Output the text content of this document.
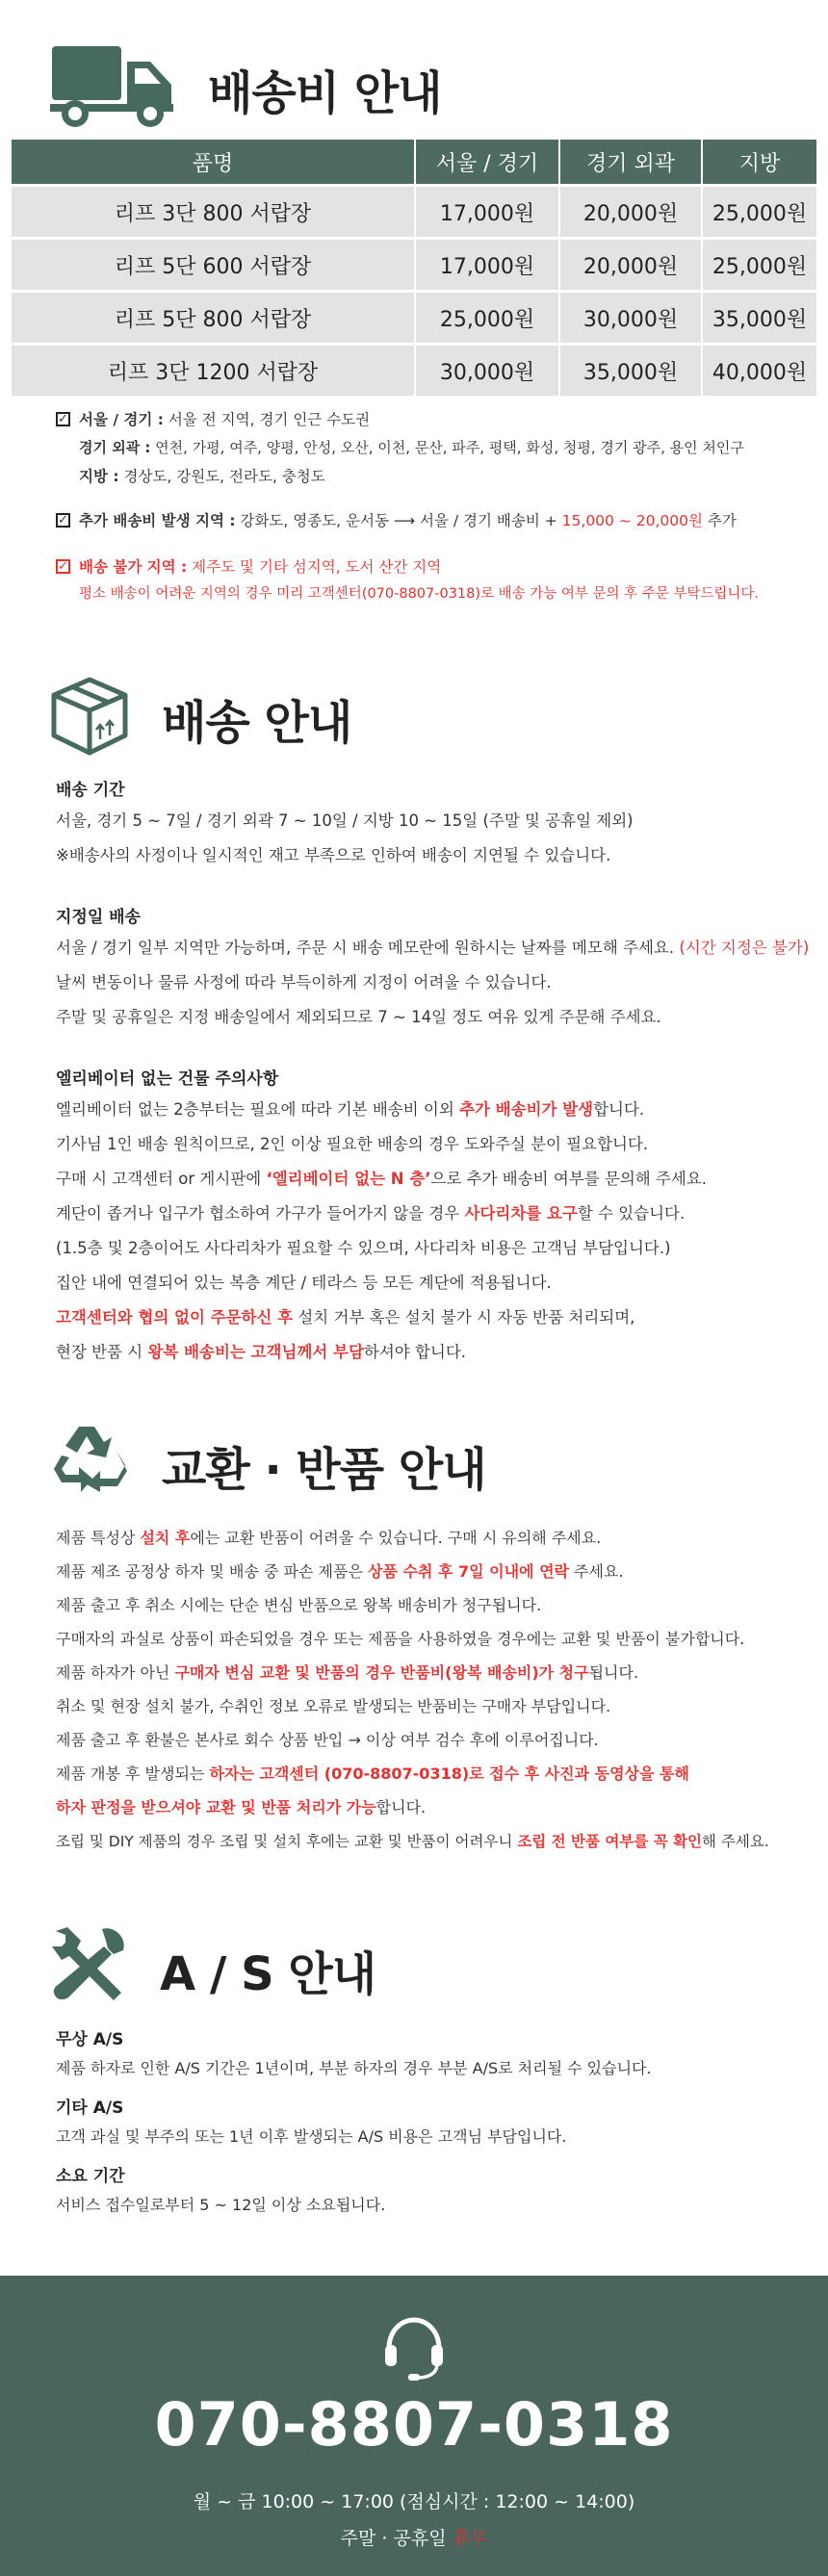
배송비 안내
품명	서울 / 경기	경기 외곽	지방
리프 3단 800 서랍장	17,000원	20,000원	25,000원
리프 5단 600 서랍장	17,000원	20,000원	25,000원
리프 5단 800 서랍장	25,000원	30,000원	35,000원
리프 3단 1200 서랍장	30,000원	35,000원	40,000원
✓ 서울 / 경기 : 서울 전 지역, 경기 인근 수도권
경기 외곽 : 연천, 가평, 여주, 양평, 안성, 오산, 이천, 문산, 파주, 평택, 화성, 청평, 경기 광주, 용인 처인구
지방 : 경상도, 강원도, 전라도, 충청도
✓ 추가 배송비 발생 지역 : 강화도, 영종도, 운서동 ⟶ 서울 / 경기 배송비 + 15,000 ~ 20,000원 추가
✓ 배송 불가 지역 : 제주도 및 기타 섬지역, 도서 산간 지역
평소 배송이 어려운 지역의 경우 미리 고객센터(070-8807-0318)로 배송 가능 여부 문의 후 주문 부탁드립니다.
배송 안내
배송 기간

서울, 경기 5 ~ 7일 / 경기 외곽 7 ~ 10일 / 지방 10 ~ 15일 (주말 및 공휴일 제외)

※배송사의 사정이나 일시적인 재고 부족으로 인하여 배송이 지연될 수 있습니다.

지정일 배송

서울 / 경기 일부 지역만 가능하며, 주문 시 배송 메모란에 원하시는 날짜를 메모해 주세요. (시간 지정은 불가)

날씨 변동이나 물류 사정에 따라 부득이하게 지정이 어려울 수 있습니다.

주말 및 공휴일은 지정 배송일에서 제외되므로 7 ~ 14일 정도 여유 있게 주문해 주세요.

엘리베이터 없는 건물 주의사항

엘리베이터 없는 2층부터는 필요에 따라 기본 배송비 이외 추가 배송비가 발생합니다.

기사님 1인 배송 원칙이므로, 2인 이상 필요한 배송의 경우 도와주실 분이 필요합니다.

구매 시 고객센터 or 게시판에 ‘엘리베이터 없는 N 층’으로 추가 배송비 여부를 문의해 주세요.

계단이 좁거나 입구가 협소하여 가구가 들어가지 않을 경우 사다리차를 요구할 수 있습니다.

(1.5층 및 2층이어도 사다리차가 필요할 수 있으며, 사다리차 비용은 고객님 부담입니다.)

집안 내에 연결되어 있는 복층 계단 / 테라스 등 모든 계단에 적용됩니다.

고객센터와 협의 없이 주문하신 후 설치 거부 혹은 설치 불가 시 자동 반품 처리되며,

현장 반품 시 왕복 배송비는 고객님께서 부담하셔야 합니다.

교환 · 반품 안내

제품 특성상 설치 후에는 교환 반품이 어려울 수 있습니다. 구매 시 유의해 주세요.

제품 제조 공정상 하자 및 배송 중 파손 제품은 상품 수취 후 7일 이내에 연락 주세요.

제품 출고 후 취소 시에는 단순 변심 반품으로 왕복 배송비가 청구됩니다.

구매자의 과실로 상품이 파손되었을 경우 또는 제품을 사용하였을 경우에는 교환 및 반품이 불가합니다.

제품 하자가 아닌 구매자 변심 교환 및 반품의 경우 반품비(왕복 배송비)가 청구됩니다.

취소 및 현장 설치 불가, 수취인 정보 오류로 발생되는 반품비는 구매자 부담입니다.

제품 출고 후 환불은 본사로 회수 상품 반입 → 이상 여부 검수 후에 이루어집니다.

제품 개봉 후 발생되는 하자는 고객센터 (070-8807-0318)로 접수 후 사진과 동영상을 통해

하자 판정을 받으셔야 교환 및 반품 처리가 가능합니다.

조립 및 DIY 제품의 경우 조립 및 설치 후에는 교환 및 반품이 어려우니 조립 전 반품 여부를 꼭 확인해 주세요.

A / S 안내
무상 A/S

제품 하자로 인한 A/S 기간은 1년이며, 부분 하자의 경우 부분 A/S로 처리될 수 있습니다.

기타 A/S

고객 과실 및 부주의 또는 1년 이후 발생되는 A/S 비용은 고객님 부담입니다.

소요 기간

서비스 접수일로부터 5 ~ 12일 이상 소요됩니다.

070-8807-0318
월 ~ 금 10:00 ~ 17:00 (점심시간 : 12:00 ~ 14:00)
주말 · 공휴일 휴무
